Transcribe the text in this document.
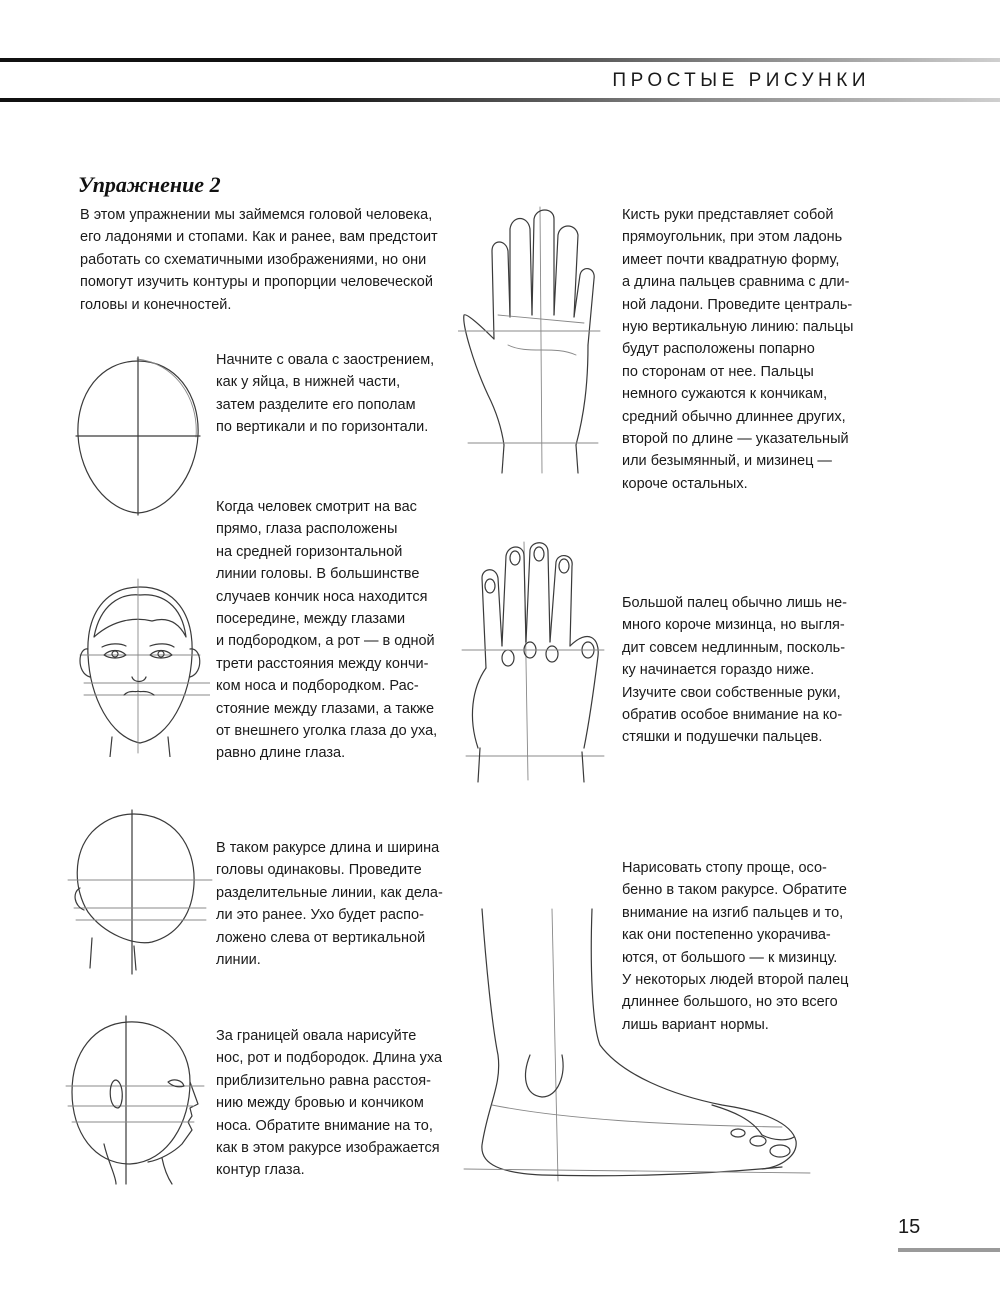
ПРОСТЫЕ РИСУНКИ
Упражнение 2

В этом упражнении мы займемся головой человека,
его ладонями и стопами. Как и ранее, вам предстоит
работать со схематичными изображениями, но они
помогут изучить контуры и пропорции человеческой
головы и конечностей.

Начните с овала с заострением,
как у яйца, в нижней части,
затем разделите его пополам
по вертикали и по горизонтали.

Когда человек смотрит на вас
прямо, глаза расположены
на средней горизонтальной
линии головы. В большинстве
случаев кончик носа находится
посередине, между глазами
и подбородком, а рот — в одной
трети расстояния между кончи-
ком носа и подбородком. Рас-
стояние между глазами, а также
от внешнего уголка глаза до уха,
равно длине глаза.

В таком ракурсе длина и ширина
головы одинаковы. Проведите
разделительные линии, как дела-
ли это ранее. Ухо будет распо-
ложено слева от вертикальной
линии.

За границей овала нарисуйте
нос, рот и подбородок. Длина уха
приблизительно равна расстоя-
нию между бровью и кончиком
носа. Обратите внимание на то,
как в этом ракурсе изображается
контур глаза.

Кисть руки представляет собой
прямоугольник, при этом ладонь
имеет почти квадратную форму,
а длина пальцев сравнима с дли-
ной ладони. Проведите централь-
ную вертикальную линию: пальцы
будут расположены попарно
по сторонам от нее. Пальцы
немного сужаются к кончикам,
средний обычно длиннее других,
второй по длине — указательный
или безымянный, и мизинец —
короче остальных.

Большой палец обычно лишь не-
много короче мизинца, но выгля-
дит совсем недлинным, посколь-
ку начинается гораздо ниже.
Изучите свои собственные руки,
обратив особое внимание на ко-
стяшки и подушечки пальцев.

Нарисовать стопу проще, осо-
бенно в таком ракурсе. Обратите
внимание на изгиб пальцев и то,
как они постепенно укорачива-
ются, от большого — к мизинцу.
У некоторых людей второй палец
длиннее большого, но это всего
лишь вариант нормы.

15
